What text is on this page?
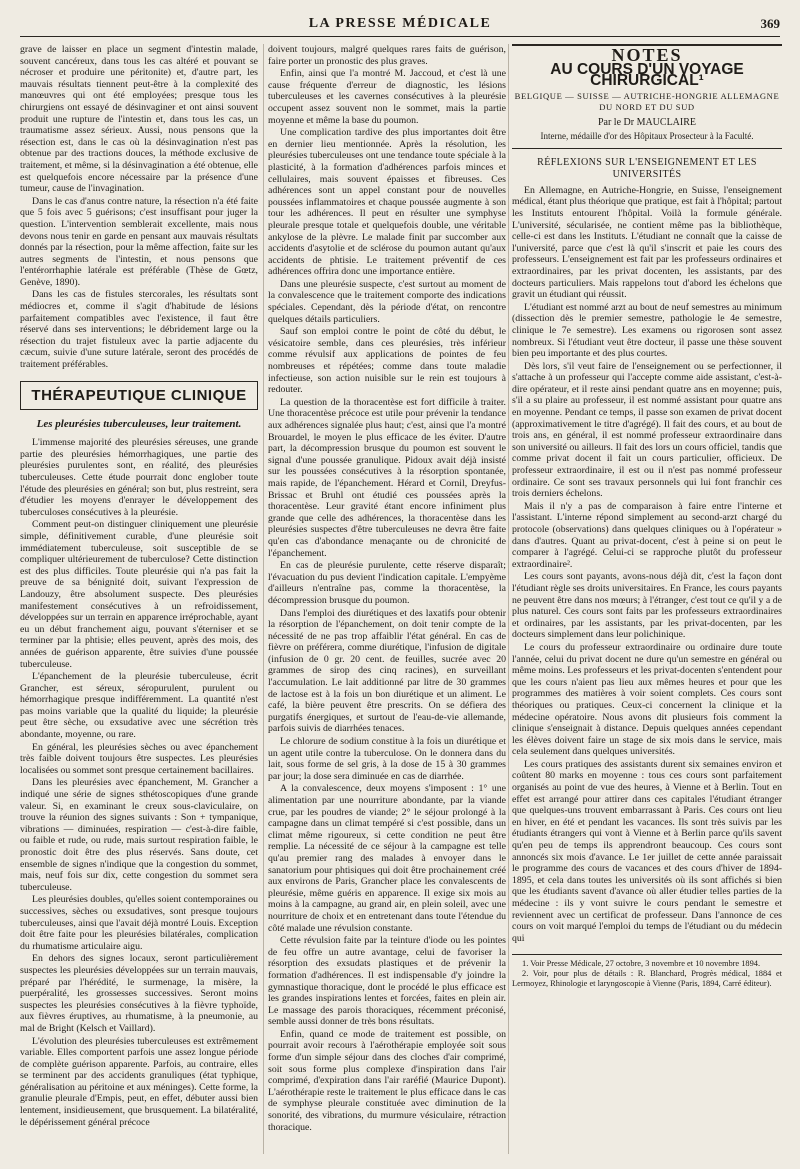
LA PRESSE MÉDICALE	369

grave de laisser en place un segment d'intestin malade, souvent cancéreux, dans tous les cas altéré et pouvant se nécroser et produire une péritonite) et, d'autre part, les mauvais résultats tiennent peut-être à la complexité des manœuvres qui ont été employées; presque tous les chirurgiens ont essayé de désinvaginer et ont ainsi souvent produit une rupture de l'intestin et, dans tous les cas, un traumatisme assez sérieux. Aussi, nous pensons que la résection est, dans le cas où la désinvagination n'est pas obtenue par des tractions douces, la méthode exclusive de traitement, et même, si la désinvagination a été obtenue, elle est quelquefois encore nécessaire par la présence d'une tumeur, cause de l'invagination.

Dans le cas d'anus contre nature, la résection n'a été faite que 5 fois avec 5 guérisons; c'est insuffisant pour juger la question. L'intervention semblerait excellente, mais nous devons nous tenir en garde en pensant aux mauvais résultats donnés par la résection, pour la même affection, faite sur les autres segments de l'intestin, et nous pensons que l'entérorrhaphie latérale est préférable (Thèse de Gœtz, Genève, 1890).

Dans les cas de fistules stercorales, les résultats sont médiocres et, comme il s'agit d'habitude de lésions parfaitement compatibles avec l'existence, il faut être réservé dans ses interventions; le débridement large ou la résection du trajet fistuleux avec la partie adjacente du cæcum, suivie d'une suture latérale, seront des procédés de traitement préférables.

THÉRAPEUTIQUE CLINIQUE
Les pleurésies tuberculeuses, leur traitement.

L'immense majorité des pleurésies séreuses, une grande partie des pleurésies hémorrhagiques, une partie des pleurésies purulentes sont, en réalité, des pleurésies tuberculeuses. Cette étude pourrait donc englober toute l'étude des pleurésies en général; son but, plus restreint, sera d'étudier les moyens d'enrayer le développement des tuberculoses consécutives à la pleurésie.

Comment peut-on distinguer cliniquement une pleurésie simple, définitivement curable, d'une pleurésie soit immédiatement tuberculeuse, soit susceptible de se compliquer ultérieurement de tuberculose? Cette distinction est des plus difficiles. Toute pleurésie qui n'a pas fait la preuve de sa bénignité doit, suivant l'expression de Landouzy, être absolument suspecte. Des pleurésies manifestement consécutives à un refroidissement, développées sur un terrain en apparence irréprochable, ayant eu un début franchement aigu, pouvant s'éterniser et se terminer par la phtisie; elles peuvent, après des mois, des années de guérison apparente, être suivies d'une poussée tuberculeuse.

L'épanchement de la pleurésie tuberculeuse, écrit Grancher, est séreux, séropurulent, purulent ou hémorrhagique presque indifféremment. La quantité n'est pas moins variable que la qualité du liquide; la pleurésie peut être sèche, ou exsudative avec une sécrétion très abondante, moyenne, ou rare.

En général, les pleurésies sèches ou avec épanchement très faible doivent toujours être suspectes. Les pleurésies localisées ou sommet sont presque certainement bacillaires.

Dans les pleurésies avec épanchement, M. Grancher a indiqué une série de signes sthétoscopiques d'une grande valeur. Si, en examinant le creux sous-claviculaire, on trouve la réunion des signes suivants : Son + tympanique, vibrations — diminuées, respiration — c'est-à-dire faible, ou faible et rude, ou rude, mais surtout respiration faible, le pronostic doit être des plus réservés. Sans doute, cet ensemble de signes n'indique que la congestion du sommet, mais, neuf fois sur dix, cette congestion du sommet sera tuberculeuse.

Les pleurésies doubles, qu'elles soient contemporaines ou successives, sèches ou exsudatives, sont presque toujours tuberculeuses, ainsi que l'avait déjà montré Louis. Exception doit être faite pour les pleurésies bilatérales, complication du rhumatisme articulaire aigu.

En dehors des signes locaux, seront particulièrement suspectes les pleurésies développées sur un terrain mauvais, préparé par l'hérédité, le surmenage, la misère, la puerpéralité, les grossesses successives. Seront moins suspectes les pleurésies consécutives à la fièvre typhoïde, aux fièvres éruptives, au rhumatisme, à la pneumonie, au mal de Bright (Kelsch et Vaillard).

L'évolution des pleurésies tuberculeuses est extrêmement variable. Elles comportent parfois une assez longue période de complète guérison apparente. Parfois, au contraire, elles se terminent par des accidents granuliques (état typhique, généralisation au péritoine et aux méninges). Cette forme, la granulie pleurale d'Empis, peut, en effet, débuter aussi bien lentement, insidieusement, que brusquement. La bilatéralité, le dépérissement général précoce

doivent toujours, malgré quelques rares faits de guérison, faire porter un pronostic des plus graves.

Enfin, ainsi que l'a montré M. Jaccoud, et c'est là une cause fréquente d'erreur de diagnostic, les lésions tuberculeuses et les cavernes consécutives à la pleurésie occupent assez souvent non le sommet, mais la partie moyenne et même la base du poumon.

Une complication tardive des plus importantes doit être en dernier lieu mentionnée. Après la résolution, les pleurésies tuberculeuses ont une tendance toute spéciale à la plasticité, à la formation d'adhérences parfois minces et cellulaires, mais souvent épaisses et fibreuses. Ces adhérences sont un appel constant pour de nouvelles poussées inflammatoires et chaque poussée augmente à son tour les adhérences. Il peut en résulter une symphyse pleurale presque totale et quelquefois double, une véritable ankylose de la plèvre. Le malade finit par succomber aux accidents d'asytolie et de sclérose du poumon autant qu'aux accidents de phtisie. Le traitement préventif de ces adhérences offrira donc une importance entière.

Dans une pleurésie suspecte, c'est surtout au moment de la convalescence que le traitement comporte des indications spéciales. Cependant, dès la période d'état, on rencontre quelques détails particuliers.

Sauf son emploi contre le point de côté du début, le vésicatoire semble, dans ces pleurésies, très inférieur comme révulsif aux applications de pointes de feu nombreuses et répétées; comme dans toute maladie infectieuse, son action nuisible sur le rein est toujours à redouter.

La question de la thoracentèse est fort difficile à traiter. Une thoracentèse précoce est utile pour prévenir la tendance aux adhérences signalée plus haut; c'est, ainsi que l'a montré Brouardel, le moyen le plus efficace de les éviter. D'autre part, la décompression brusque du poumon est souvent le signal d'une poussée granulique. Pidoux avait déjà insisté sur les poussées consécutives à la résorption spontanée, mais rapide, de l'épanchement. Hérard et Cornil, Dreyfus-Brissac et Bruhl ont étudié ces poussées après la thoracentèse. Leur gravité étant encore infiniment plus grande que celle des adhérences, la thoracentèse dans les pleurésies suspectes d'être tuberculeuses ne devra être faite qu'en cas d'abondance menaçante ou de chronicité de l'épanchement.

En cas de pleurésie purulente, cette réserve disparaît; l'évacuation du pus devient l'indication capitale. L'empyème d'ailleurs n'entraîne pas, comme la thoracentèse, la décompression brusque du poumon.

Dans l'emploi des diurétiques et des laxatifs pour obtenir la résorption de l'épanchement, on doit tenir compte de la nécessité de ne pas trop affaiblir l'état général. En cas de fièvre on préférera, comme diurétique, l'infusion de digitale (infusion de 0 gr. 20 cent. de feuilles, sucrée avec 20 grammes de sirop des cinq racines), en surveillant l'accumulation. Le lait additionné par litre de 30 grammes de lactose est à la fois un bon diurétique et un aliment. Le café, la bière peuvent être prescrits. On se défiera des purgatifs énergiques, et surtout de l'eau-de-vie allemande, parfois suivis de diarrhées tenaces.

Le chlorure de sodium constitue à la fois un diurétique et un agent utile contre la tuberculose. On le donnera dans du lait, sous forme de sel gris, à la dose de 15 à 30 grammes par jour; la dose sera diminuée en cas de diarrhée.

A la convalescence, deux moyens s'imposent : 1° une alimentation par une nourriture abondante, par la viande crue, par les poudres de viande; 2° le séjour prolongé à la campagne dans un climat tempéré si c'est possible, dans un climat même rigoureux, si cette condition ne peut être remplie. La nécessité de ce séjour à la campagne est telle qu'au premier rang des malades à envoyer dans le sanatorium pour phtisiques qui doit être prochainement créé aux environs de Paris, Grancher place les convalescents de pleurésie, même guéris en apparence. Il exige six mois au moins à la campagne, au grand air, en plein soleil, avec une nourriture de choix et en entretenant dans toute l'étendue du côté malade une révulsion constante.

Cette révulsion faite par la teinture d'iode ou les pointes de feu offre un autre avantage, celui de favoriser la résorption des exsudats plastiques et de prévenir la formation d'adhérences. Il est indispensable d'y joindre la gymnastique thoracique, dont le procédé le plus efficace est les grandes inspirations lentes et forcées, faites en plein air. Le massage des parois thoraciques, récemment préconisé, semble aussi donner de très bons résultats.

Enfin, quand ce mode de traitement est possible, on pourrait avoir recours à l'aérothérapie employée soit sous forme d'un simple séjour dans des cloches d'air comprimé, soit sous forme plus complexe d'inspiration dans l'air comprimé, d'expiration dans l'air raréfié (Maurice Dupont). L'aérothérapie reste le traitement le plus efficace dans le cas de symphyse pleurale constituée avec diminution de la sonorité, des vibrations, du murmure vésiculaire, rétraction thoracique.

NOTES
AU COURS D'UN VOYAGE CHIRURGICAL¹
BELGIQUE — SUISSE — AUTRICHE-HONGRIE ALLEMAGNE DU NORD ET DU SUD
Par le Dr MAUCLAIRE
Interne, médaille d'or des Hôpitaux Prosecteur à la Faculté.
RÉFLEXIONS SUR L'ENSEIGNEMENT ET LES UNIVERSITÉS

En Allemagne, en Autriche-Hongrie, en Suisse, l'enseignement médical, étant plus théorique que pratique, est fait à l'hôpital; partout les Instituts entourent l'hôpital. Voilà la formule générale. L'université, sécularisée, ne contient même pas la bibliothèque, celle-ci est dans les Instituts. L'étudiant ne connaît que la caisse de l'université, parce que c'est là qu'il s'inscrit et paie les cours des professeurs. L'enseignement est fait par les professeurs ordinaires et extraordinaires, par les privat docenten, les assistants, par des docteurs particuliers. Mais rappelons tout d'abord les échelons que gravit un étudiant qui réussit.

L'étudiant est nommé arzt au bout de neuf semestres au minimum (dissection dès le premier semestre, pathologie le 4e semestre, clinique le 7e semestre). Les examens ou rigorosen sont assez nombreux. Si l'étudiant veut être docteur, il passe une thèse souvent bien peu importante et des plus courtes.

Dès lors, s'il veut faire de l'enseignement ou se perfectionner, il s'attache à un professeur qui l'accepte comme aide assistant, c'est-à-dire opérateur, et il reste ainsi pendant quatre ans en moyenne; puis, s'il a su plaire au professeur, il est nommé assistant pour quatre ans en moyenne. Pendant ce temps, il passe son examen de privat docent (approximativement le titre d'agrégé). Il fait des cours, et au bout de trois ans, en général, il est nommé professeur extraordinaire dans son université ou ailleurs. Il fait des lors un cours officiel, tandis que comme privat docent il fait un cours particulier, officieux. De professeur extraordinaire, il est ou il n'est pas nommé professeur ordinaire. Ce sont ses travaux personnels qui lui font franchir ces trois derniers échelons.

Mais il n'y a pas de comparaison à faire entre l'interne et l'assistant. L'interne répond simplement au second-arzt chargé du protocole (observations) dans quelques cliniques ou à l'opérateur » dans d'autres. Quant au privat-docent, c'est à peine si on peut le comparer à l'agrégé. Celui-ci se rapproche plutôt du professeur extraordinaire².

Les cours sont payants, avons-nous déjà dit, c'est la façon dont l'étudiant règle ses droits universitaires. En France, les cours payants ne peuvent être dans nos mœurs; à l'étranger, c'est tout ce qu'il y a de plus naturel. Ces cours sont faits par les professeurs extraordinaires et ordinaires, par les assistants, par les privat-docenten, par les docteurs simplement dans leur polichinique.

Le cours du professeur extraordinaire ou ordinaire dure toute l'année, celui du privat docent ne dure qu'un semestre en général ou même moins. Les professeurs et les privat-docenten s'entendent pour que les cours n'aient pas lieu aux mêmes heures et pour que les programmes des matières à voir soient complets. Ces cours sont théoriques ou pratiques. Ceux-ci concernent la clinique et la médecine opératoire. Nous avons dit plusieurs fois comment la clinique s'enseignait à distance. Depuis quelques années cependant les élèves doivent faire un stage de six mois dans le service, mais cela seulement dans quelques universités.

Les cours pratiques des assistants durent six semaines environ et coûtent 80 marks en moyenne : tous ces cours sont parfaitement organisés au point de vue des heures, à Vienne et à Berlin. Tout en effet est arrangé pour attirer dans ces capitales l'étudiant étranger que quelques-uns trouvent embarrassant à Paris. Ces cours ont lieu en hiver, en été et pendant les vacances. Ils sont très suivis par les étudiants étrangers qui vont à Vienne et à Berlin parce qu'ils savent qu'en peu de temps ils apprendront beaucoup. Ces cours sont annoncés six mois d'avance. Le 1er juillet de cette année paraissait le programme des cours de vacances et des cours d'hiver de 1894-1895, et cela dans toutes les universités où ils sont affichés si bien que les étudiants savent d'avance où aller étudier telles parties de la médecine : ils y vont suivre le cours pendant le semestre et reviennent avec un certificat de professeur. Dans l'annonce de ces cours on voit marqué l'emploi du temps de l'étudiant ou du médecin qui

1. Voir Presse Médicale, 27 octobre, 3 novembre et 10 novembre 1894.

2. Voir, pour plus de détails : R. Blanchard, Progrès médical, 1884 et Lermoyez, Rhinologie et laryngoscopie à Vienne (Paris, 1894, Carré éditeur).
